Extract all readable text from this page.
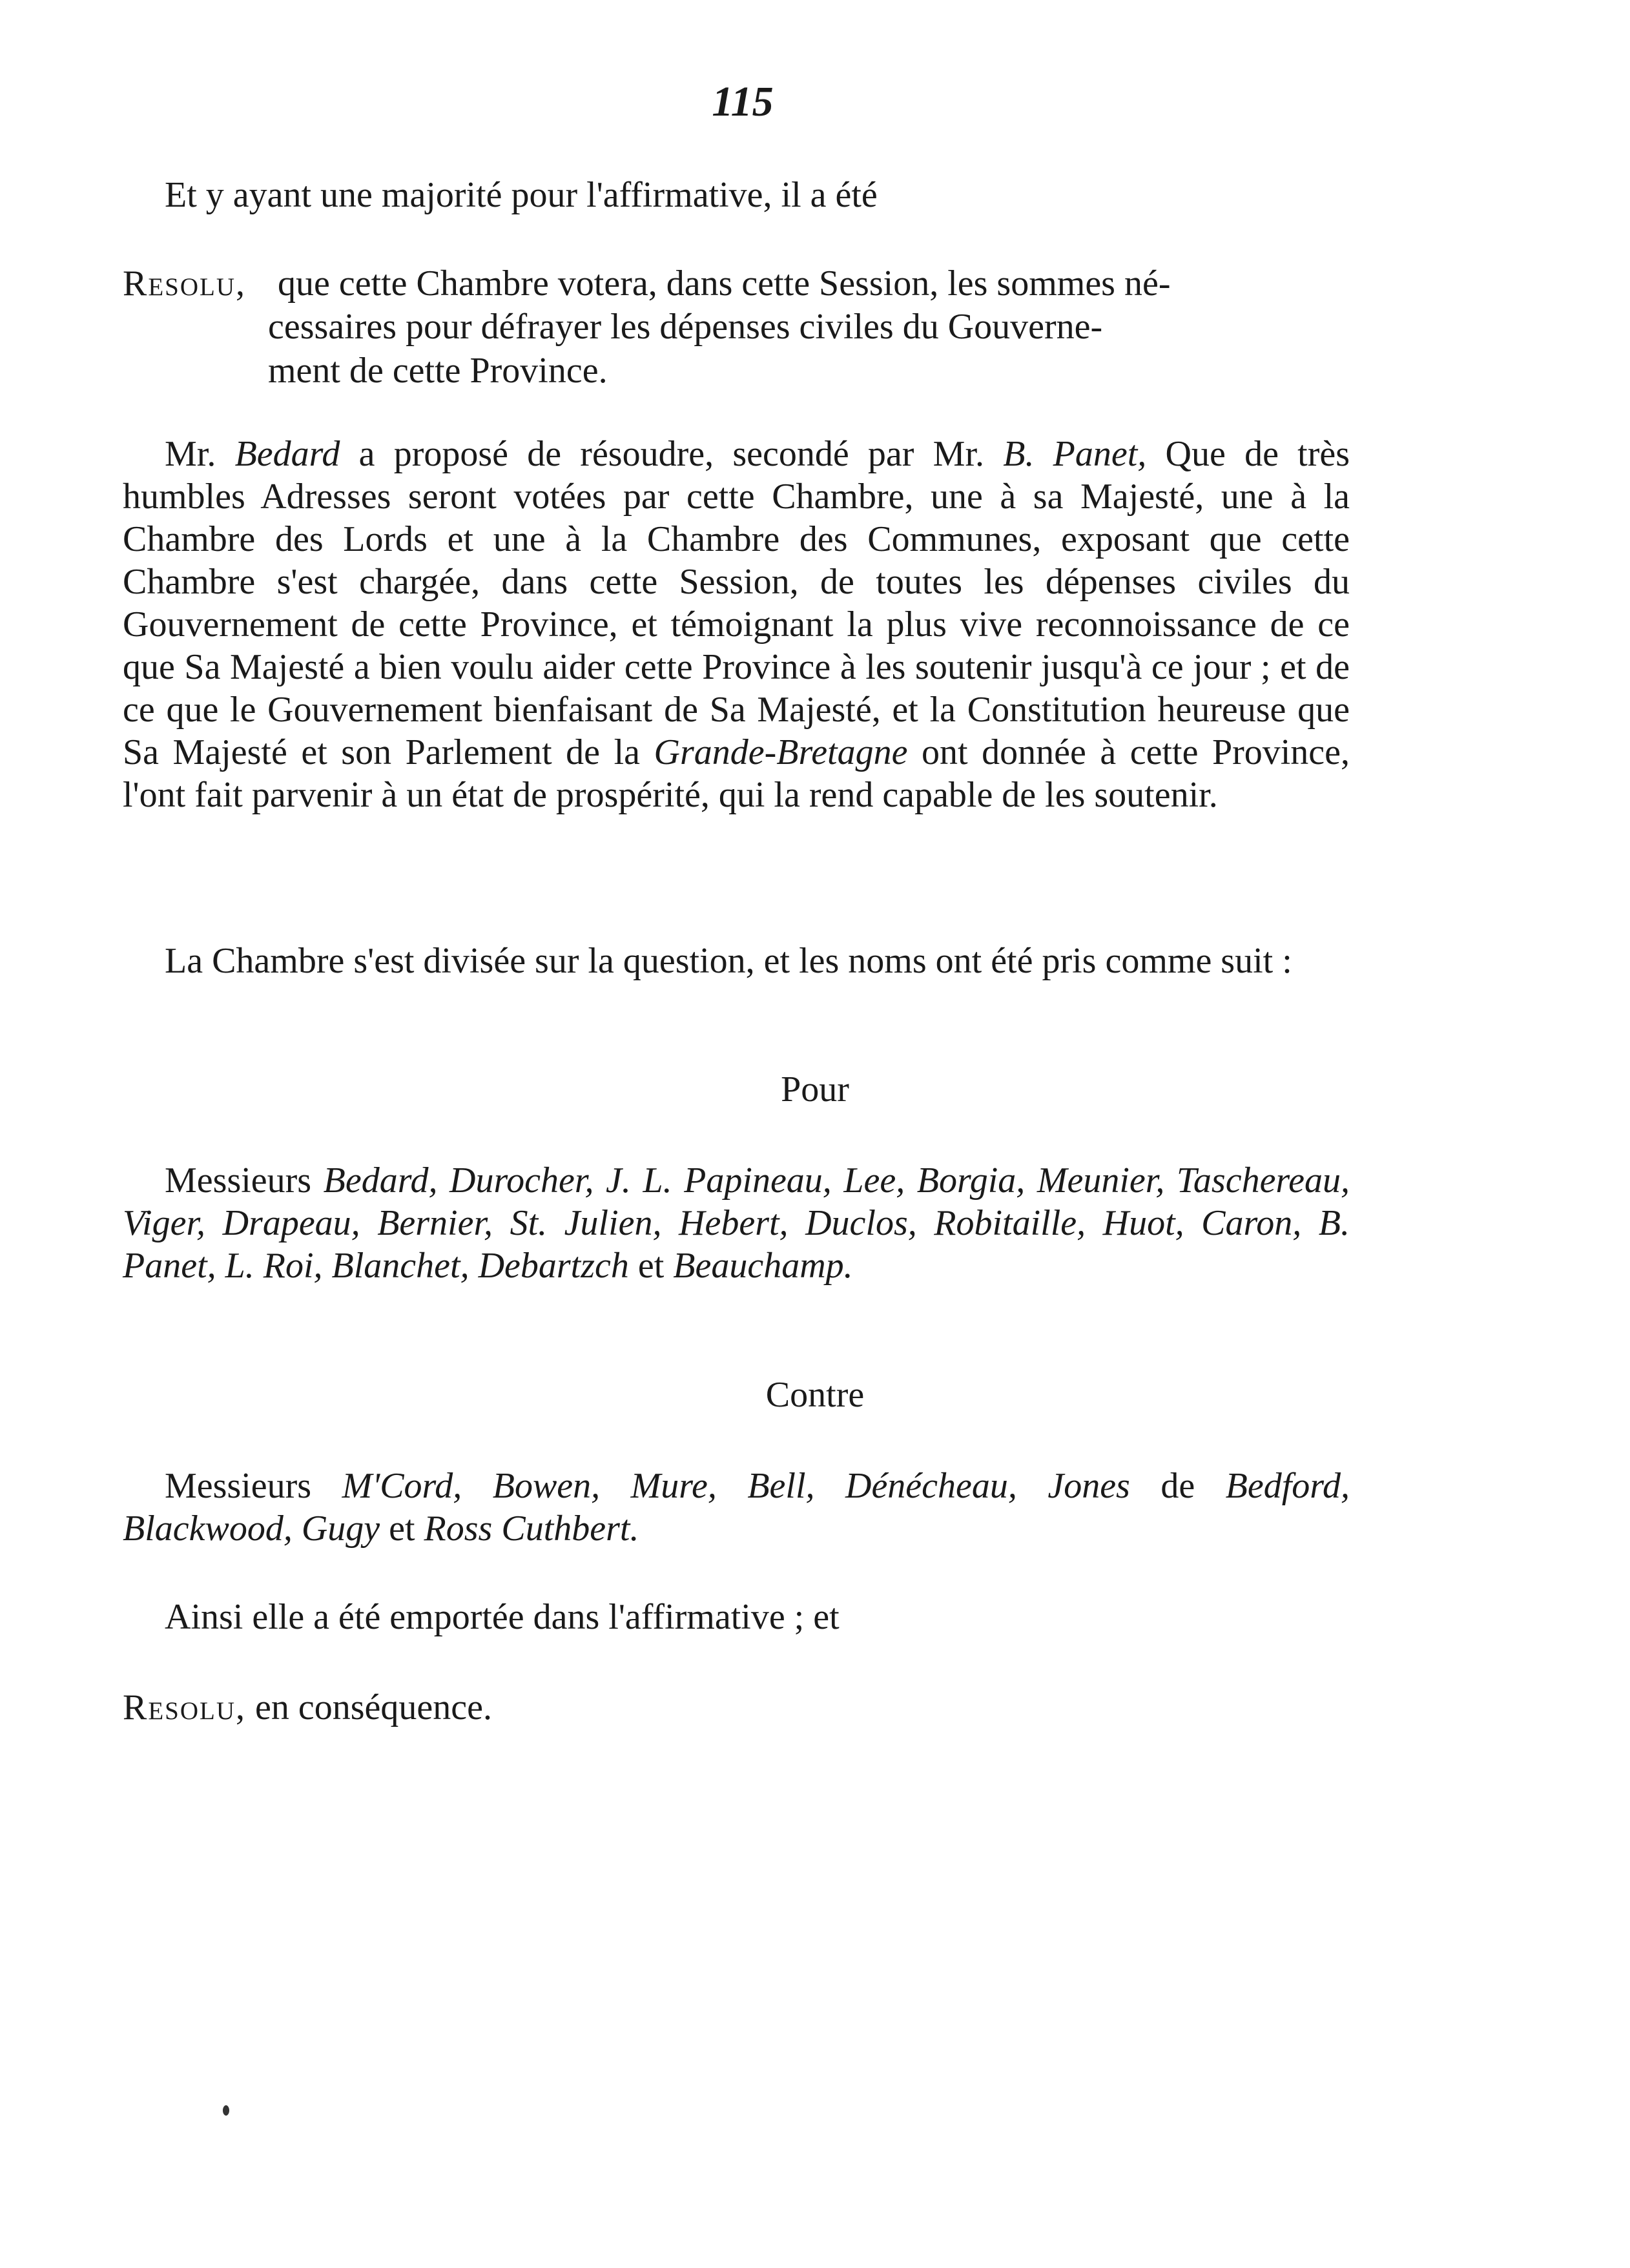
115
Et y ayant une majorité pour l'affirmative, il a été
Resolu, que cette Chambre votera, dans cette Session, les sommes né-
cessaires pour défrayer les dépenses civiles du Gouverne-
ment de cette Province.
Mr. Bedard a proposé de résoudre, secondé par Mr. B. Panet, Que de très humbles Adresses seront votées par cette Chambre, une à sa Majesté, une à la Chambre des Lords et une à la Chambre des Communes, exposant que cette Chambre s'est chargée, dans cette Session, de toutes les dépenses civiles du Gouvernement de cette Province, et témoignant la plus vive reconnoissance de ce que Sa Majesté a bien voulu aider cette Province à les soutenir jusqu'à ce jour ; et de ce que le Gouvernement bienfaisant de Sa Majesté, et la Constitution heureuse que Sa Majesté et son Parlement de la Grande-Bretagne ont donnée à cette Province, l'ont fait parvenir à un état de prospérité, qui la rend capable de les soutenir.
La Chambre s'est divisée sur la question, et les noms ont été pris comme suit :
Pour
Messieurs Bedard, Durocher, J. L. Papineau, Lee, Borgia, Meunier, Taschereau, Viger, Drapeau, Bernier, St. Julien, Hebert, Duclos, Robitaille, Huot, Caron, B. Panet, L. Roi, Blanchet, Debartzch et Beauchamp.
Contre
Messieurs M'Cord, Bowen, Mure, Bell, Dénécheau, Jones de Bedford, Blackwood, Gugy et Ross Cuthbert.
Ainsi elle a été emportée dans l'affirmative ; et
Resolu, en conséquence.
